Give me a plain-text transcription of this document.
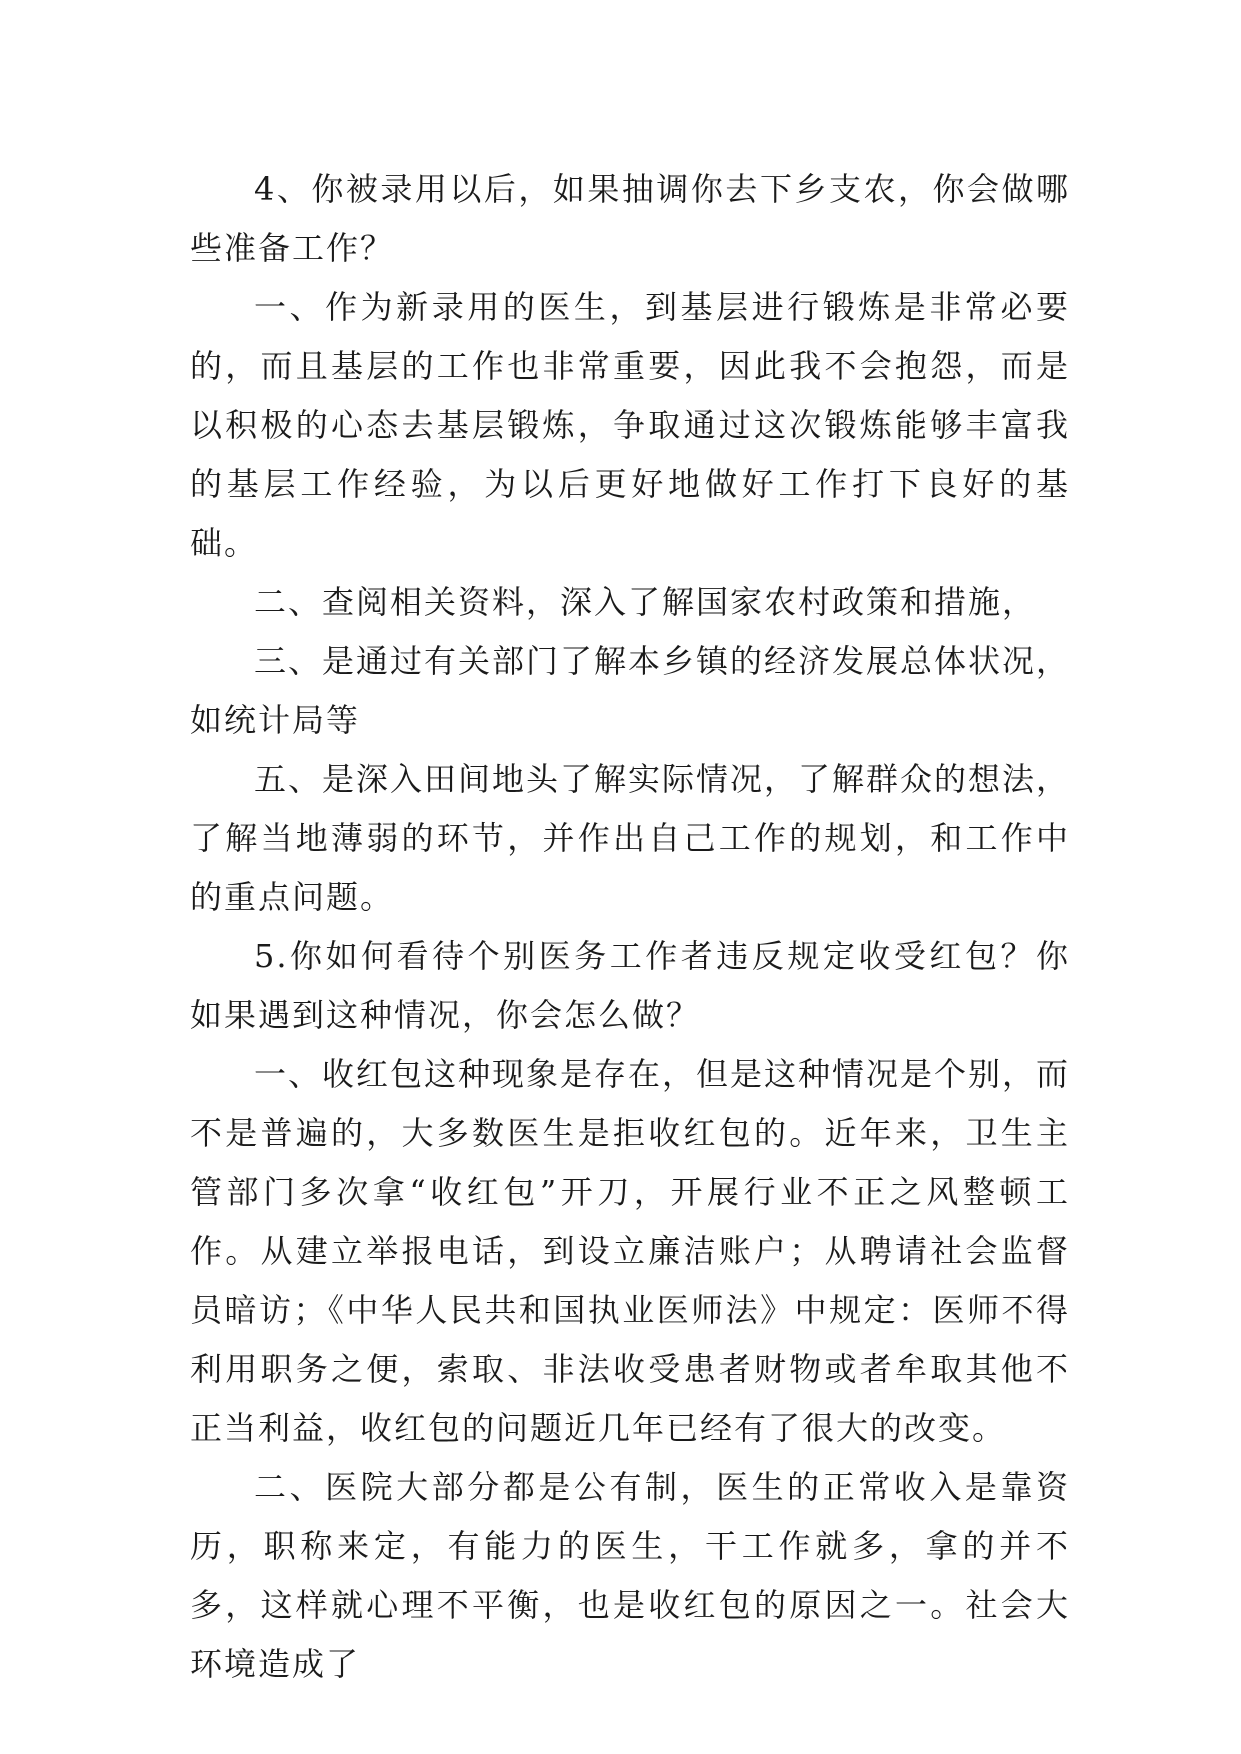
4、你被录用以后，如果抽调你去下乡支农，你会做哪些准备工作？

一、作为新录用的医生，到基层进行锻炼是非常必要的，而且基层的工作也非常重要，因此我不会抱怨，而是以积极的心态去基层锻炼，争取通过这次锻炼能够丰富我的基层工作经验，为以后更好地做好工作打下良好的基础。

二、查阅相关资料，深入了解国家农村政策和措施，

三、是通过有关部门了解本乡镇的经济发展总体状况，如统计局等

五、是深入田间地头了解实际情况，了解群众的想法，了解当地薄弱的环节，并作出自己工作的规划，和工作中的重点问题。

5.你如何看待个别医务工作者违反规定收受红包？你如果遇到这种情况，你会怎么做？

一、收红包这种现象是存在，但是这种情况是个别，而不是普遍的，大多数医生是拒收红包的。近年来，卫生主管部门多次拿“收红包”开刀，开展行业不正之风整顿工作。从建立举报电话，到设立廉洁账户；从聘请社会监督员暗访；《中华人民共和国执业医师法》中规定：医师不得利用职务之便，索取、非法收受患者财物或者牟取其他不正当利益，收红包的问题近几年已经有了很大的改变。

二、医院大部分都是公有制，医生的正常收入是靠资历，职称来定，有能力的医生，干工作就多，拿的并不多，这样就心理不平衡，也是收红包的原因之一。社会大环境造成了
